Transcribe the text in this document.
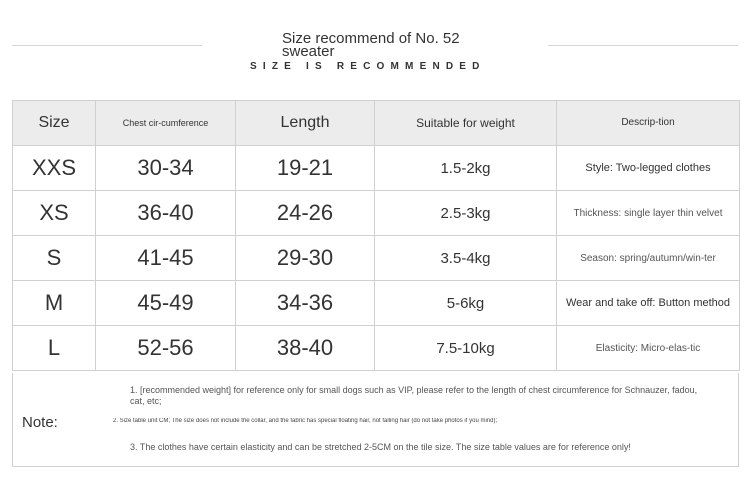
Size recommend of No. 52 sweater
SIZE IS RECOMMENDED
Size	Chest cir-cumference	Length	Suitable for weight	Descrip-tion
XXS	30-34	19-21	1.5-2kg	Style: Two-legged clothes
XS	36-40	24-26	2.5-3kg	Thickness: single layer thin velvet
S	41-45	29-30	3.5-4kg	Season: spring/autumn/win-ter
M	45-49	34-36	5-6kg	Wear and take off: Button method
L	52-56	38-40	7.5-10kg	Elasticity: Micro-elas-tic
Note:
1. [recommended weight] for reference only for small dogs such as VIP, please refer to the length of chest circumference for Schnauzer, fadou, cat, etc;
2. Size table unit CM; The size does not include the collar, and the fabric has special floating hair, not falling hair (do not take photos if you mind);
3. The clothes have certain elasticity and can be stretched 2-5CM on the tile size. The size table values are for reference only!
